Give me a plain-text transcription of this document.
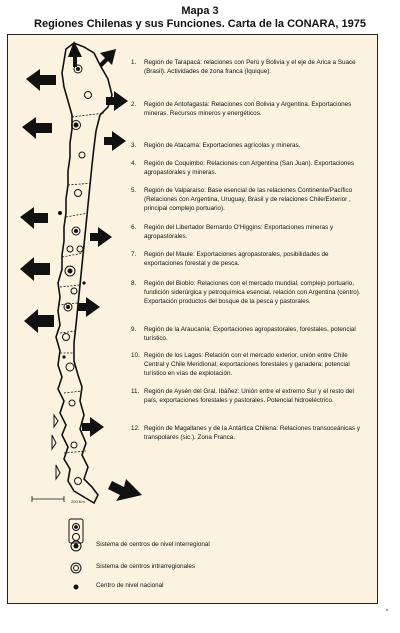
Mapa 3
Regiones Chilenas y sus Funciones. Carta de la CONARA, 1975
1.	Región de Tarapacá: relaciones con Perú y Bolivia y el eje de Arica a Suace (Brasil). Actividades de zona franca (Iquique).
2.	Región de Antofagasta: Relaciones con Bolivia y Argentina. Exportaciones mineras. Recursos mineros y energéticos.
3.	Región de Atacama: Exportaciones agrícolas y mineras.
4.	Región de Coquimbo: Relaciones con Argentina (San Juan). Exportaciones agropastorales y mineras.
5.	Región de Valparaíso: Base esencial de las relaciones Continente/Pacífico (Relaciones con Argentina, Uruguay, Brasil y de relaciones Chile/Exterior , principal complejo portuario).
6.	Región del Libertador Bernardo O'Higgins: Exportaciones mineras y agropastorales.
7.	Región del Maule: Exportaciones agropastorales, posibilidades de exportaciones forestal y de pesca.
8.	Región del Biobío: Relaciones con el mercado mundial, complejo portuario, fundición siderúrgica y petroquímica esencial. relación con Argentina (centro). Exportación productos del bosque de la pesca y pastorales.
9.	Región de la Araucanía: Exportaciones agropastorales, forestales, potencial turístico.
10. Región de los Lagos: Relación con el mercado exterior, unión entre Chile Central y Chile Meridional; exportaciones forestales y ganadera; potencial turístico en vías de explotación.
11. Región de Aysén del Gral. Ibáñez: Unión entre el extremo Sur y el resto del país, exportaciones forestales y pastorales. Potencial hidroeléctrico.
12. Región de Magallanes y de la Antártica Chilena: Relaciones transoceánicas y transpolares (sic.). Zona Franca.
200 Km
Sistema de centros de nivel interregional
Sistema de centros intrarregionales
Centro de nivel nacional
